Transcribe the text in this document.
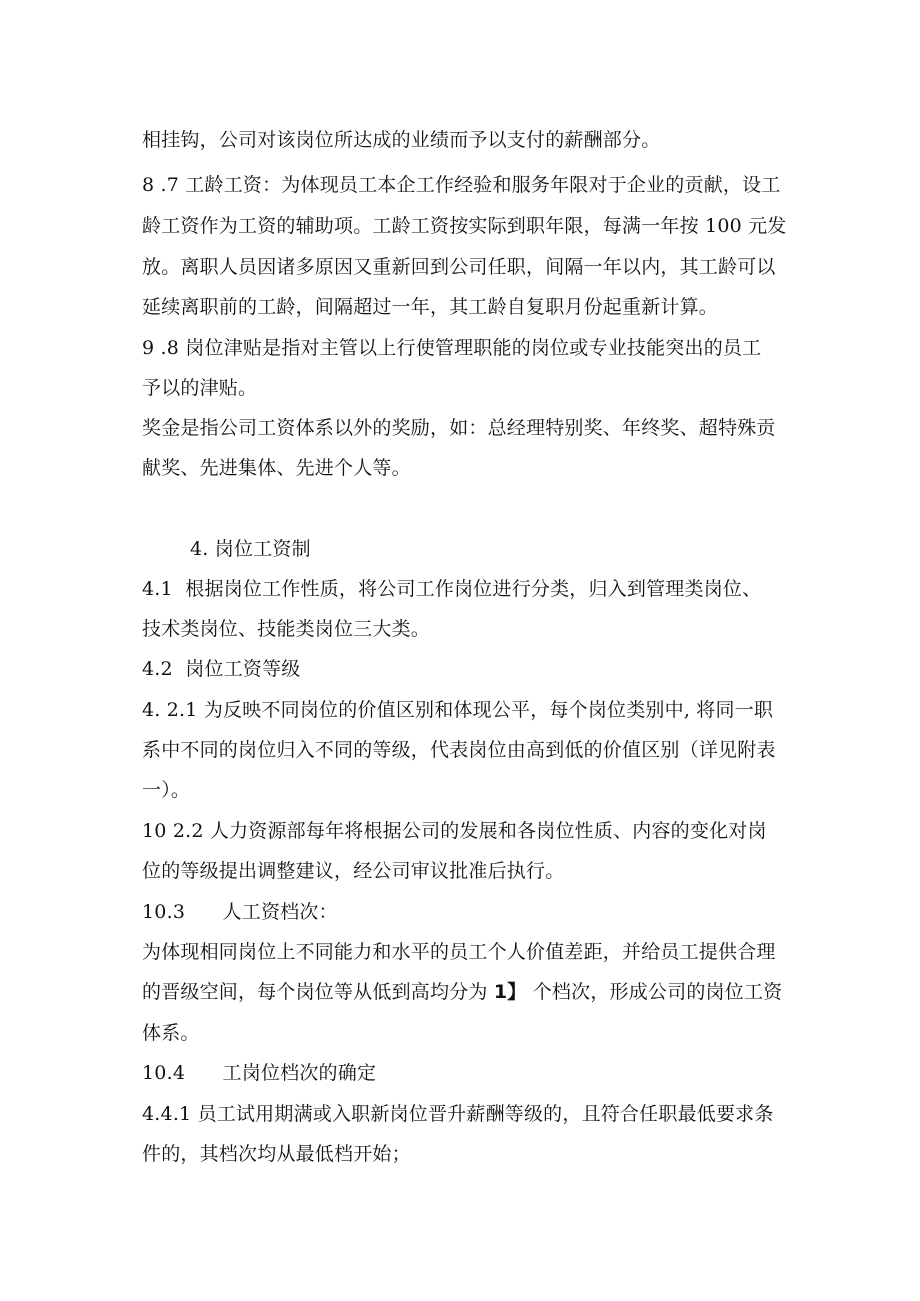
相挂钩，公司对该岗位所达成的业绩而予以支付的薪酬部分。
8 .7 工龄工资：为体现员工本企工作经验和服务年限对于企业的贡献，设工
龄工资作为工资的辅助项。工龄工资按实际到职年限，每满一年按 100 元发
放。离职人员因诸多原因又重新回到公司任职，间隔一年以内，其工龄可以
延续离职前的工龄，间隔超过一年，其工龄自复职月份起重新计算。
9 .8 岗位津贴是指对主管以上行使管理职能的岗位或专业技能突出的员工
予以的津贴。
奖金是指公司工资体系以外的奖励，如：总经理特别奖、年终奖、超特殊贡
献奖、先进集体、先进个人等。
4. 岗位工资制
4.1  根据岗位工作性质，将公司工作岗位进行分类，归入到管理类岗位、
技术类岗位、技能类岗位三大类。
4.2  岗位工资等级
4. 2.1 为反映不同岗位的价值区别和体现公平，每个岗位类别中, 将同一职
系中不同的岗位归入不同的等级，代表岗位由高到低的价值区别（详见附表
一）。
10 2.2 人力资源部每年将根据公司的发展和各岗位性质、内容的变化对岗
位的等级提出调整建议，经公司审议批准后执行。
10.3      人工资档次：
为体现相同岗位上不同能力和水平的员工个人价值差距，并给员工提供合理
的晋级空间，每个岗位等从低到高均分为 1】 个档次，形成公司的岗位工资
体系。
10.4      工岗位档次的确定
4.4.1 员工试用期满或入职新岗位晋升薪酬等级的，且符合任职最低要求条
件的，其档次均从最低档开始；
